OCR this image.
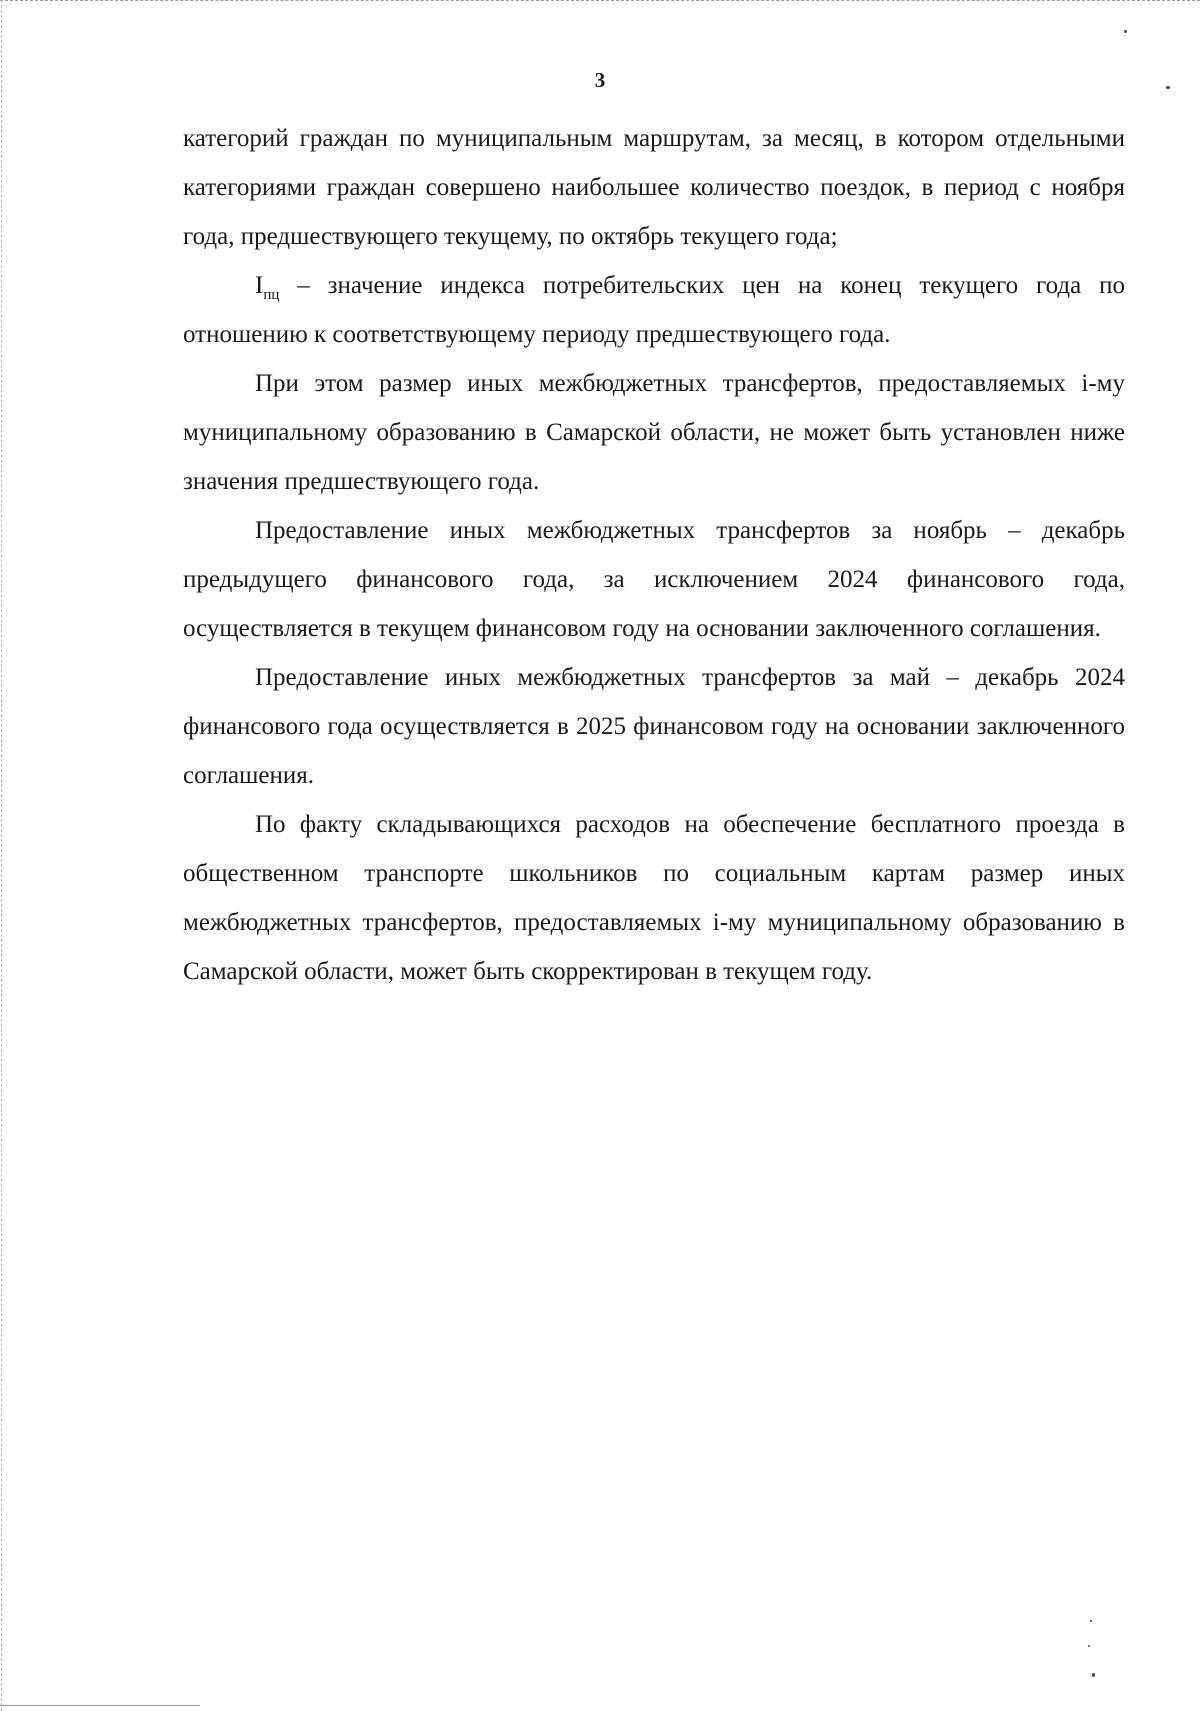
3

категорий граждан по муниципальным маршрутам, за месяц, в котором отдельными категориями граждан совершено наибольшее количество поездок, в период с ноября года, предшествующего текущему, по октябрь текущего года;

$I_{пц}$ – значение индекса потребительских цен на конец текущего года по отношению к соответствующему периоду предшествующего года.

При этом размер иных межбюджетных трансфертов, предоставляемых i-му муниципальному образованию в Самарской области, не может быть установлен ниже значения предшествующего года.

Предоставление иных межбюджетных трансфертов за ноябрь – декабрь предыдущего финансового года, за исключением 2024 финансового года, осуществляется в текущем финансовом году на основании заключенного соглашения.

Предоставление иных межбюджетных трансфертов за май – декабрь 2024 финансового года осуществляется в 2025 финансовом году на основании заключенного соглашения.

По факту складывающихся расходов на обеспечение бесплатного проезда в общественном транспорте школьников по социальным картам размер иных межбюджетных трансфертов, предоставляемых i-му муниципальному образованию в Самарской области, может быть скорректирован в текущем году.
